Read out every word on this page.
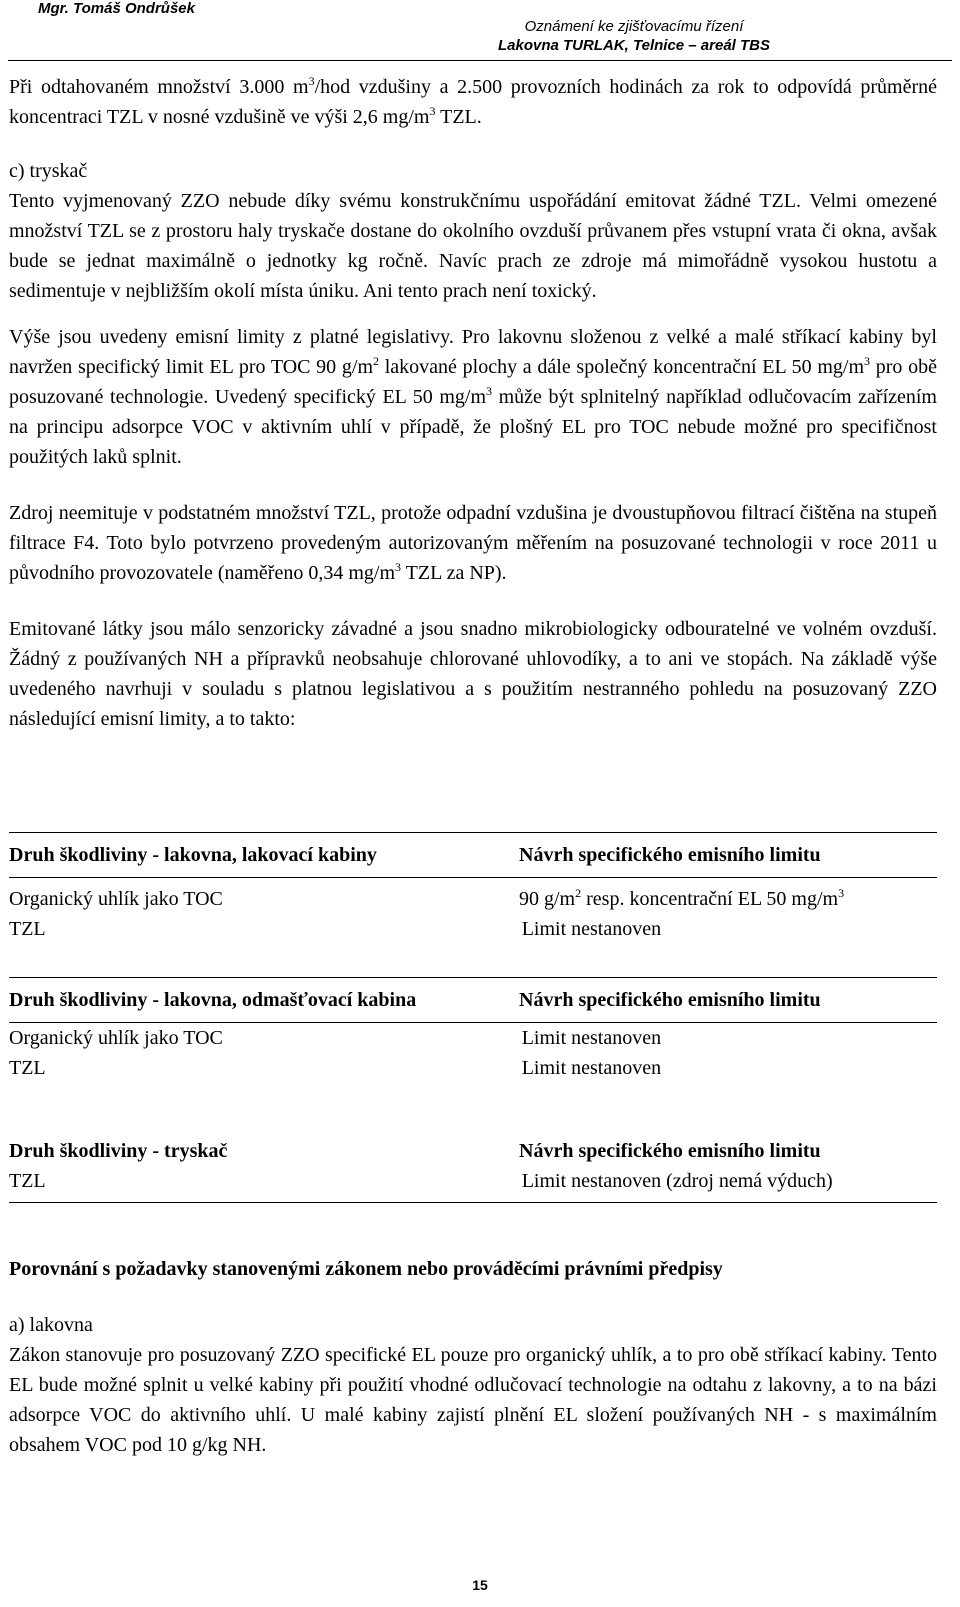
Mgr. Tomáš Ondrůšek
Oznámení ke zjišťovacímu řízení
Lakovna TURLAK, Telnice – areál TBS

Při odtahovaném množství 3.000 $m^3$/hod vzdušiny a 2.500 provozních hodinách za rok to odpovídá průměrné koncentraci TZL v nosné vzdušině ve výši 2,6 $mg/m^3$ TZL.

c) tryskač

Tento vyjmenovaný ZZO nebude díky svému konstrukčnímu uspořádání emitovat žádné TZL. Velmi omezené množství TZL se z prostoru haly tryskače dostane do okolního ovzduší průvanem přes vstupní vrata či okna, avšak bude se jednat maximálně o jednotky kg ročně. Navíc prach ze zdroje má mimořádně vysokou hustotu a sedimentuje v nejbližším okolí místa úniku. Ani tento prach není toxický.

Výše jsou uvedeny emisní limity z platné legislativy. Pro lakovnu složenou z velké a malé stříkací kabiny byl navržen specifický limit EL pro TOC 90 $g/m^2$ lakované plochy a dále společný koncentrační EL 50 $mg/m^3$ pro obě posuzované technologie. Uvedený specifický EL 50 $mg/m^3$ může být splnitelný například odlučovacím zařízením na principu adsorpce VOC v aktivním uhlí v případě, že plošný EL pro TOC nebude možné pro specifičnost použitých laků splnit.

Zdroj neemituje v podstatném množství TZL, protože odpadní vzdušina je dvoustupňovou filtrací čištěna na stupeň filtrace F4. Toto bylo potvrzeno provedeným autorizovaným měřením na posuzované technologii v roce 2011 u původního provozovatele (naměřeno 0,34 $mg/m^3$ TZL za NP).

Emitované látky jsou málo senzoricky závadné a jsou snadno mikrobiologicky odbouratelné ve volném ovzduší. Žádný z používaných NH a přípravků neobsahuje chlorované uhlovodíky, a to ani ve stopách. Na základě výše uvedeného navrhuji v souladu s platnou legislativou a s použitím nestranného pohledu na posuzovaný ZZO následující emisní limity, a to takto:

Druh škodliviny - lakovna, lakovací kabiny	Návrh specifického emisního limitu
Organický uhlík jako TOC	90 $g/m^2$ resp. koncentrační EL 50 $mg/m^3$
TZL	Limit nestanoven
Druh škodliviny - lakovna, odmašťovací kabina	Návrh specifického emisního limitu
Organický uhlík jako TOC	Limit nestanoven
TZL	Limit nestanoven
Druh škodliviny - tryskač	Návrh specifického emisního limitu
TZL	Limit nestanoven (zdroj nemá výduch)

Porovnání s požadavky stanovenými zákonem nebo prováděcími právními předpisy

a) lakovna

Zákon stanovuje pro posuzovaný ZZO specifické EL pouze pro organický uhlík, a to pro obě stříkací kabiny. Tento EL bude možné splnit u velké kabiny při použití vhodné odlučovací technologie na odtahu z lakovny, a to na bázi adsorpce VOC do aktivního uhlí. U malé kabiny zajistí plnění EL složení používaných NH - s maximálním obsahem VOC pod 10 g/kg NH.

15
